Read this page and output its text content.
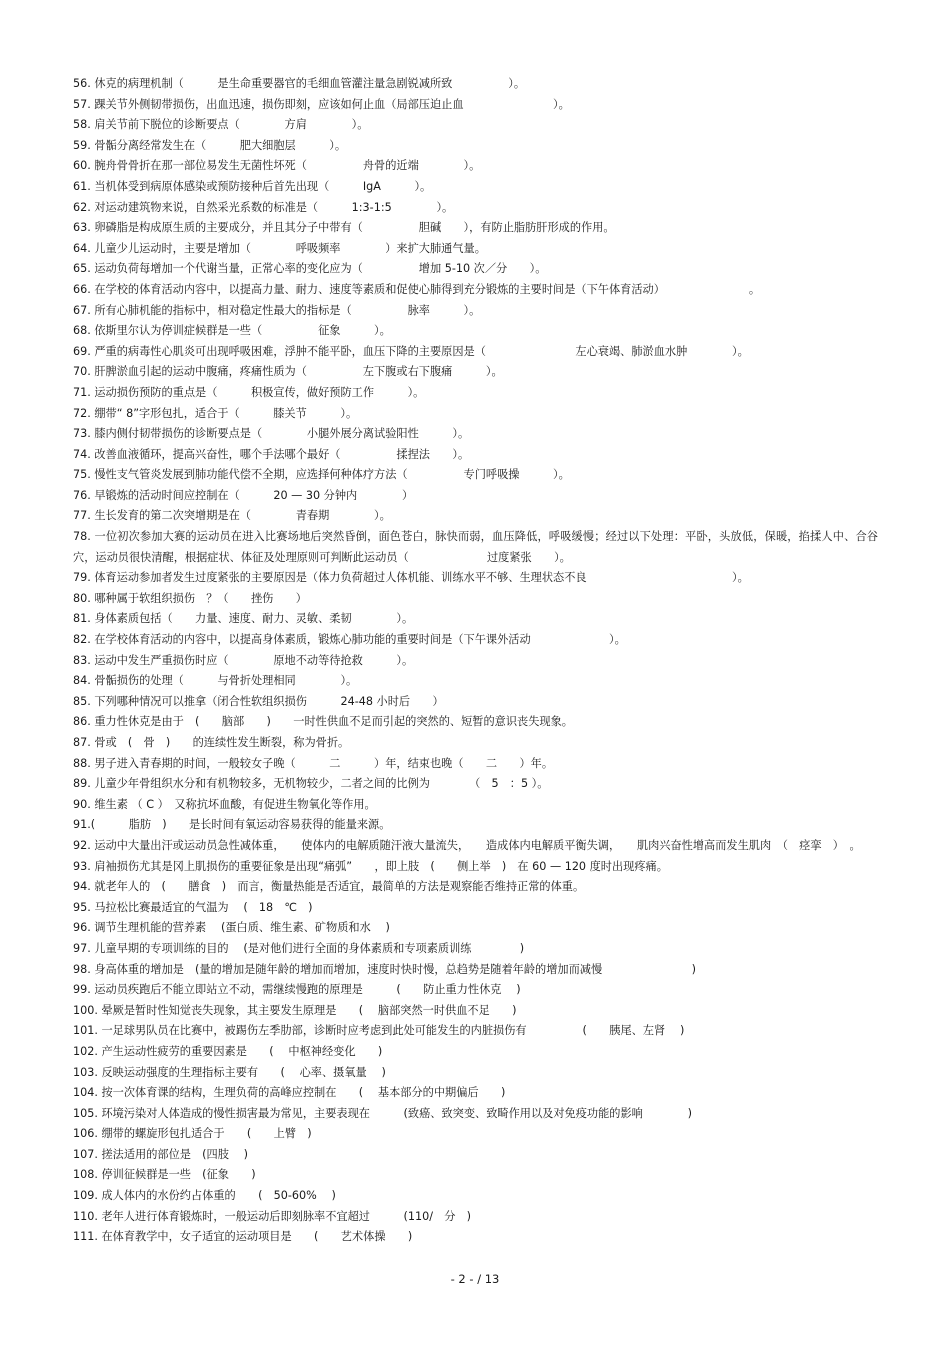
56. 休克的病理机制（　　　是生命重要器官的毛细血管灌注量急剧锐减所致　　　　　）。
57. 踝关节外侧韧带损伤，出血迅速，损伤即刻，应该如何止血（局部压迫止血　　　　　　　　）。
58. 肩关节前下脱位的诊断要点（　　　　方肩　　　　）。
59. 骨骺分离经常发生在（　　　肥大细胞层　　　）。
60. 腕舟骨骨折在那一部位易发生无菌性坏死（　　　　　舟骨的近端　　　　）。
61. 当机体受到病原体感染或预防接种后首先出现（　　　IgA　　　）。
62. 对运动建筑物来说，自然采光系数的标准是（　　　1:3-1:5　　　　）。
63. 卵磷脂是构成原生质的主要成分，并且其分子中带有（　　　　　胆碱　　），有防止脂肪肝形成的作用。
64. 儿童少儿运动时，主要是增加（　　　　呼吸频率　　　　）来扩大肺通气量。
65. 运动负荷每增加一个代谢当量，正常心率的变化应为（　　　　　增加 5-10 次／分　　）。
66. 在学校的体育活动内容中，以提高力量、耐力、速度等素质和促使心肺得到充分锻炼的主要时间是（下午体育活动）　　　　　　　　。
67. 所有心肺机能的指标中，相对稳定性最大的指标是（　　　　　脉率　　　）。
68. 依斯里尔认为停训症候群是一些（　　　　　征象　　　）。
69. 严重的病毒性心肌炎可出现呼吸困难，浮肿不能平卧，血压下降的主要原因是（　　　　　　　　左心衰竭、肺淤血水肿　　　　）。
70. 肝脾淤血引起的运动中腹痛，疼痛性质为（　　　　　左下腹或右下腹痛　　　）。
71. 运动损伤预防的重点是（　　　积极宣传，做好预防工作　　　）。
72. 绷带“ 8”字形包扎，适合于（　　　膝关节　　　）。
73. 膝内侧付韧带损伤的诊断要点是（　　　　小腿外展分离试验阳性　　　）。
74. 改善血液循环，提高兴奋性，哪个手法哪个最好（　　　　　揉捏法　　）。
75. 慢性支气管炎发展到肺功能代偿不全期，应选择何种体疗方法（　　　　　专门呼吸操　　　）。
76. 早锻炼的活动时间应控制在（　　　20 — 30 分钟内　　　　）
77. 生长发育的第二次突增期是在（　　　　青春期　　　　）。
78. 一位初次参加大赛的运动员在进入比赛场地后突然昏倒，面色苍白，脉快而弱，血压降低，呼吸缓慢；经过以下处理：平卧，头放低，保暖，掐揉人中、合谷穴，运动员很快清醒，根据症状、体征及处理原则可判断此运动员（　　　　　　　过度紧张　　）。
79. 体育运动参加者发生过度紧张的主要原因是（体力负荷超过人体机能、训练水平不够、生理状态不良　　　　　　　　　　　　　）。
80. 哪种属于软组织损伤　？（　　挫伤　　）
81. 身体素质包括（　　力量、速度、耐力、灵敏、柔韧　　　　）。
82. 在学校体育活动的内容中，以提高身体素质，锻炼心肺功能的重要时间是（下午课外活动　　　　　　　）。
83. 运动中发生严重损伤时应（　　　　原地不动等待抢救　　　）。
84. 骨骺损伤的处理（　　　与骨折处理相同　　　　）。
85. 下列哪种情况可以推拿（闭合性软组织损伤　　　24-48 小时后　　）
86. 重力性休克是由于　(　　脑部　　)　　一时性供血不足而引起的突然的、短暂的意识丧失现象。
87. 骨或　(　骨　)　　的连续性发生断裂，称为骨折。
88. 男子进入青春期的时间，一般较女子晚（　　　二　　　）年，结束也晚（　　二　　）年。
89. 儿童少年骨组织水分和有机物较多，无机物较少，二者之间的比例为　　　　（　5　：5 ）。
90. 维生素 （ C ）　又称抗坏血酸，有促进生物氧化等作用。
91.(　　　脂肪　)　　是长时间有氧运动容易获得的能量来源。
92. 运动中大量出汗或运动员急性减体重，　　使体内的电解质随汗液大量流失，　　造成体内电解质平衡失调，　　肌肉兴奋性增高而发生肌肉　（　痉挛　）　。
93. 肩袖损伤尤其是冈上肌损伤的重要征象是出现“痛弧”　　，即上肢　(　　侧上举　)　在 60 — 120 度时出现疼痛。
94. 就老年人的　(　　膳食　)　而言，衡量热能是否适宜，最简单的方法是观察能否维持正常的体重。
95. 马拉松比赛最适宜的气温为　 (　18　℃　)
96. 调节生理机能的营养素　 (蛋白质、维生素、矿物质和水　 )
97. 儿童早期的专项训练的目的　 (是对他们进行全面的身体素质和专项素质训练　　　　 )
98. 身高体重的增加是　(量的增加是随年龄的增加而增加，速度时快时慢，总趋势是随着年龄的增加而减慢　　　　　　　　)
99. 运动员疾跑后不能立即站立不动，需继续慢跑的原理是　　　(　　防止重力性休克　 )
100. 晕厥是暂时性知觉丧失现象，其主要发生原理是　　(　 脑部突然一时供血不足　　)
101. 一足球男队员在比赛中，被踢伤左季肋部，诊断时应考虑到此处可能发生的内脏损伤有　　　　　(　　胰尾、左肾　 )
102. 产生运动性疲劳的重要因素是　　(　 中枢神经变化　　)
103. 反映运动强度的生理指标主要有　　(　 心率、摄氧量　 )
104. 按一次体育课的结构，生理负荷的高峰应控制在　　(　 基本部分的中期偏后　　)
105. 环境污染对人体造成的慢性损害最为常见，主要表现在　　　(致癌、致突变、致畸作用以及对免疫功能的影响　　　　)
106. 绷带的螺旋形包扎适合于　　(　　上臂　)
107. 搓法适用的部位是　(四肢　 )
108. 停训征候群是一些　(征象　　)
109. 成人体内的水份约占体重的　　(　50-60%　 )
110. 老年人进行体育锻炼时，一般运动后即刻脉率不宜超过　　　(110/　分　)
111. 在体育教学中，女子适宜的运动项目是　　(　　艺术体操　　)
- 2 - / 13
